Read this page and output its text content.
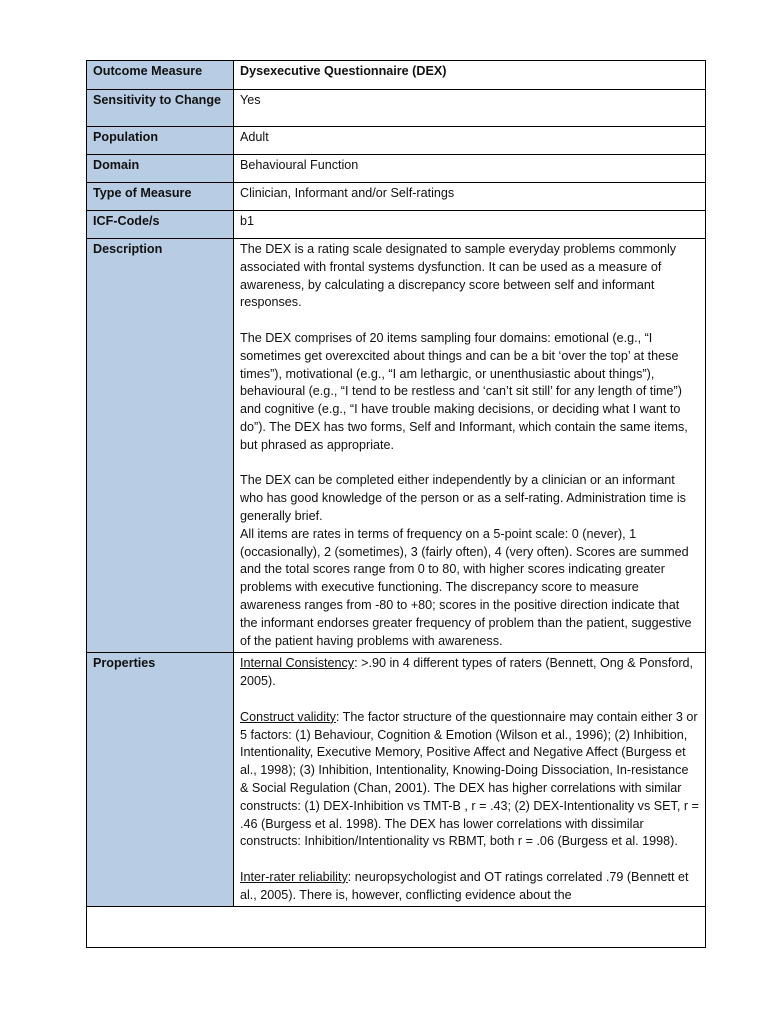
Outcome Measure	Dysexecutive Questionnaire (DEX)
Sensitivity to Change	Yes
Population	Adult
Domain	Behavioural Function
Type of Measure	Clinician, Informant and/or Self-ratings
ICF-Code/s	b1
Description	The DEX is a rating scale designated to sample everyday problems commonly associated with frontal systems dysfunction. It can be used as a measure of awareness, by calculating a discrepancy score between self and informant responses.

The DEX comprises of 20 items sampling four domains: emotional (e.g., “I sometimes get overexcited about things and can be a bit ‘over the top’ at these times”), motivational (e.g., “I am lethargic, or unenthusiastic about things”), behavioural (e.g., “I tend to be restless and ‘can’t sit still’ for any length of time”) and cognitive (e.g., “I have trouble making decisions, or deciding what I want to do”). The DEX has two forms, Self and Informant, which contain the same items, but phrased as appropriate.

The DEX can be completed either independently by a clinician or an informant who has good knowledge of the person or as a self-rating. Administration time is generally brief.

All items are rates in terms of frequency on a 5-point scale: 0 (never), 1 (occasionally), 2 (sometimes), 3 (fairly often), 4 (very often). Scores are summed and the total scores range from 0 to 80, with higher scores indicating greater problems with executive functioning. The discrepancy score to measure awareness ranges from -80 to +80; scores in the positive direction indicate that the informant endorses greater frequency of problem than the patient, suggestive of the patient having problems with awareness.

Properties	Internal Consistency: >.90 in 4 different types of raters (Bennett, Ong & Ponsford, 2005).

Construct validity: The factor structure of the questionnaire may contain either 3 or 5 factors: (1) Behaviour, Cognition & Emotion (Wilson et al., 1996); (2) Inhibition, Intentionality, Executive Memory, Positive Affect and Negative Affect (Burgess et al., 1998); (3) Inhibition, Intentionality, Knowing-Doing Dissociation, In-resistance & Social Regulation (Chan, 2001). The DEX has higher correlations with similar constructs: (1) DEX-Inhibition vs TMT-B , r = .43; (2) DEX-Intentionality vs SET, r = .46 (Burgess et al. 1998). The DEX has lower correlations with dissimilar constructs: Inhibition/Intentionality vs RBMT, both r = .06 (Burgess et al. 1998).

Inter-rater reliability: neuropsychologist and OT ratings correlated .79 (Bennett et al., 2005). There is, however, conflicting evidence about the
